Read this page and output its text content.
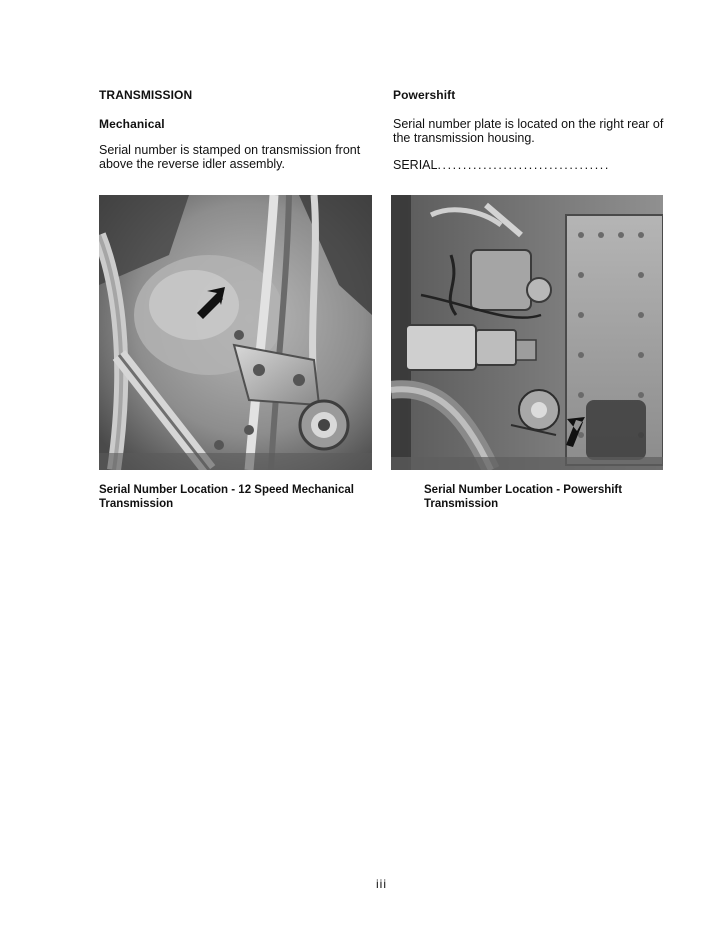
TRANSMISSION
Mechanical
Serial number is stamped on transmission front
above the reverse idler assembly.
Powershift
Serial number plate is located on the right rear of
the transmission housing.
SERIAL..................................
Serial Number Location - 12 Speed Mechanical
Transmission
Serial Number Location - Powershift
Transmission
iii
